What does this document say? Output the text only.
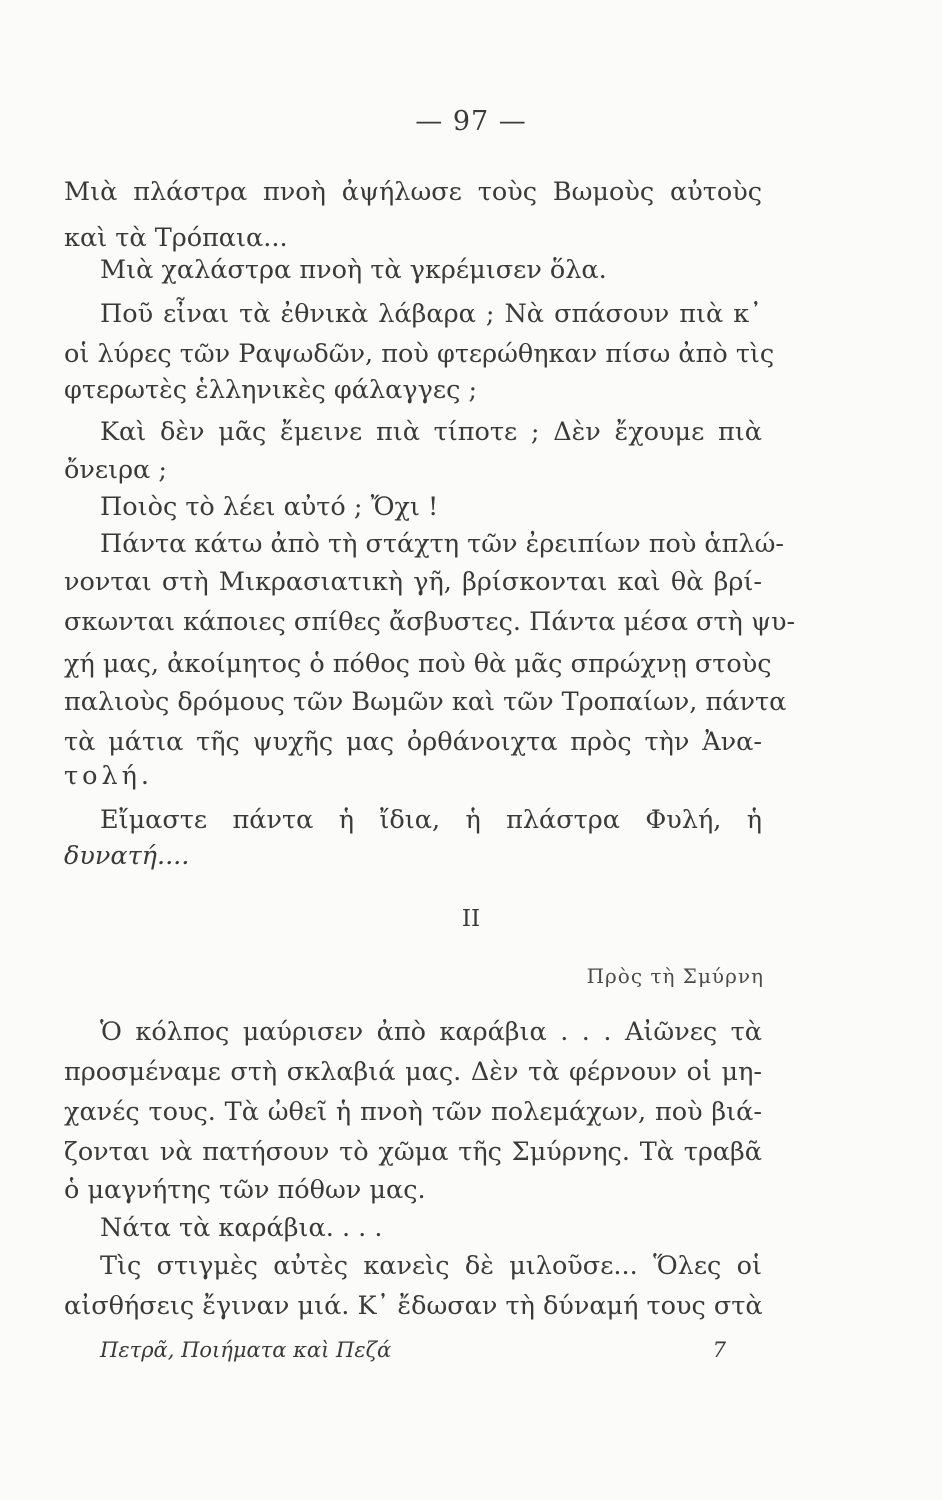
— 97 —

Μιὰ πλάστρα πνοὴ ἀψήλωσε τοὺς Βωμοὺς αὐτοὺς

καὶ τὰ Τρόπαια...

Μιὰ χαλάστρα πνοὴ τὰ γκρέμισεν ὅλα.

Ποῦ εἶναι τὰ ἐθνικὰ λάβαρα ; Νὰ σπάσουν πιὰ κ᾿

οἱ λύρες τῶν Ραψωδῶν, ποὺ φτερώθηκαν πίσω ἀπὸ τὶς

φτερωτὲς ἑλληνικὲς φάλαγγες ;

Καὶ δὲν μᾶς ἔμεινε πιὰ τίποτε ; Δὲν ἔχουμε πιὰ

ὄνειρα ;

Ποιὸς τὸ λέει αὐτό ; Ὄχι !

Πάντα κάτω ἀπὸ τὴ στάχτη τῶν ἐρειπίων ποὺ ἁπλώ-

νονται στὴ Μικρασιατικὴ γῆ, βρίσκονται καὶ θὰ βρί-

σκωνται κάποιες σπίθες ἄσβυστες. Πάντα μέσα στὴ ψυ-

χή μας, ἀκοίμητος ὁ πόθος ποὺ θὰ μᾶς σπρώχνῃ στοὺς

παλιοὺς δρόμους τῶν Βωμῶν καὶ τῶν Τροπαίων, πάντα

τὰ μάτια τῆς ψυχῆς μας ὀρθάνοιχτα πρὸς τὴν Ἀνα-

τολή.

Εἴμαστε πάντα ἡ ἴδια, ἡ πλάστρα Φυλή, ἡ

δυνατή....

II
Πρὸς τὴ Σμύρνη

Ὁ κόλπος μαύρισεν ἀπὸ καράβια . . . Αἰῶνες τὰ

προσμέναμε στὴ σκλαβιά μας. Δὲν τὰ φέρνουν οἱ μη-

χανές τους. Τὰ ὠθεῖ ἡ πνοὴ τῶν πολεμάχων, ποὺ βιά-

ζονται νὰ πατήσουν τὸ χῶμα τῆς Σμύρνης. Τὰ τραβᾶ

ὁ μαγνήτης τῶν πόθων μας.

Νάτα τὰ καράβια. . . .

Τὶς στιγμὲς αὐτὲς κανεὶς δὲ μιλοῦσε... Ὅλες οἱ

αἰσθήσεις ἔγιναν μιά. Κ᾿ ἔδωσαν τὴ δύναμή τους στὰ

Πετρᾶ, Ποιήματα καὶ Πεζά	7
